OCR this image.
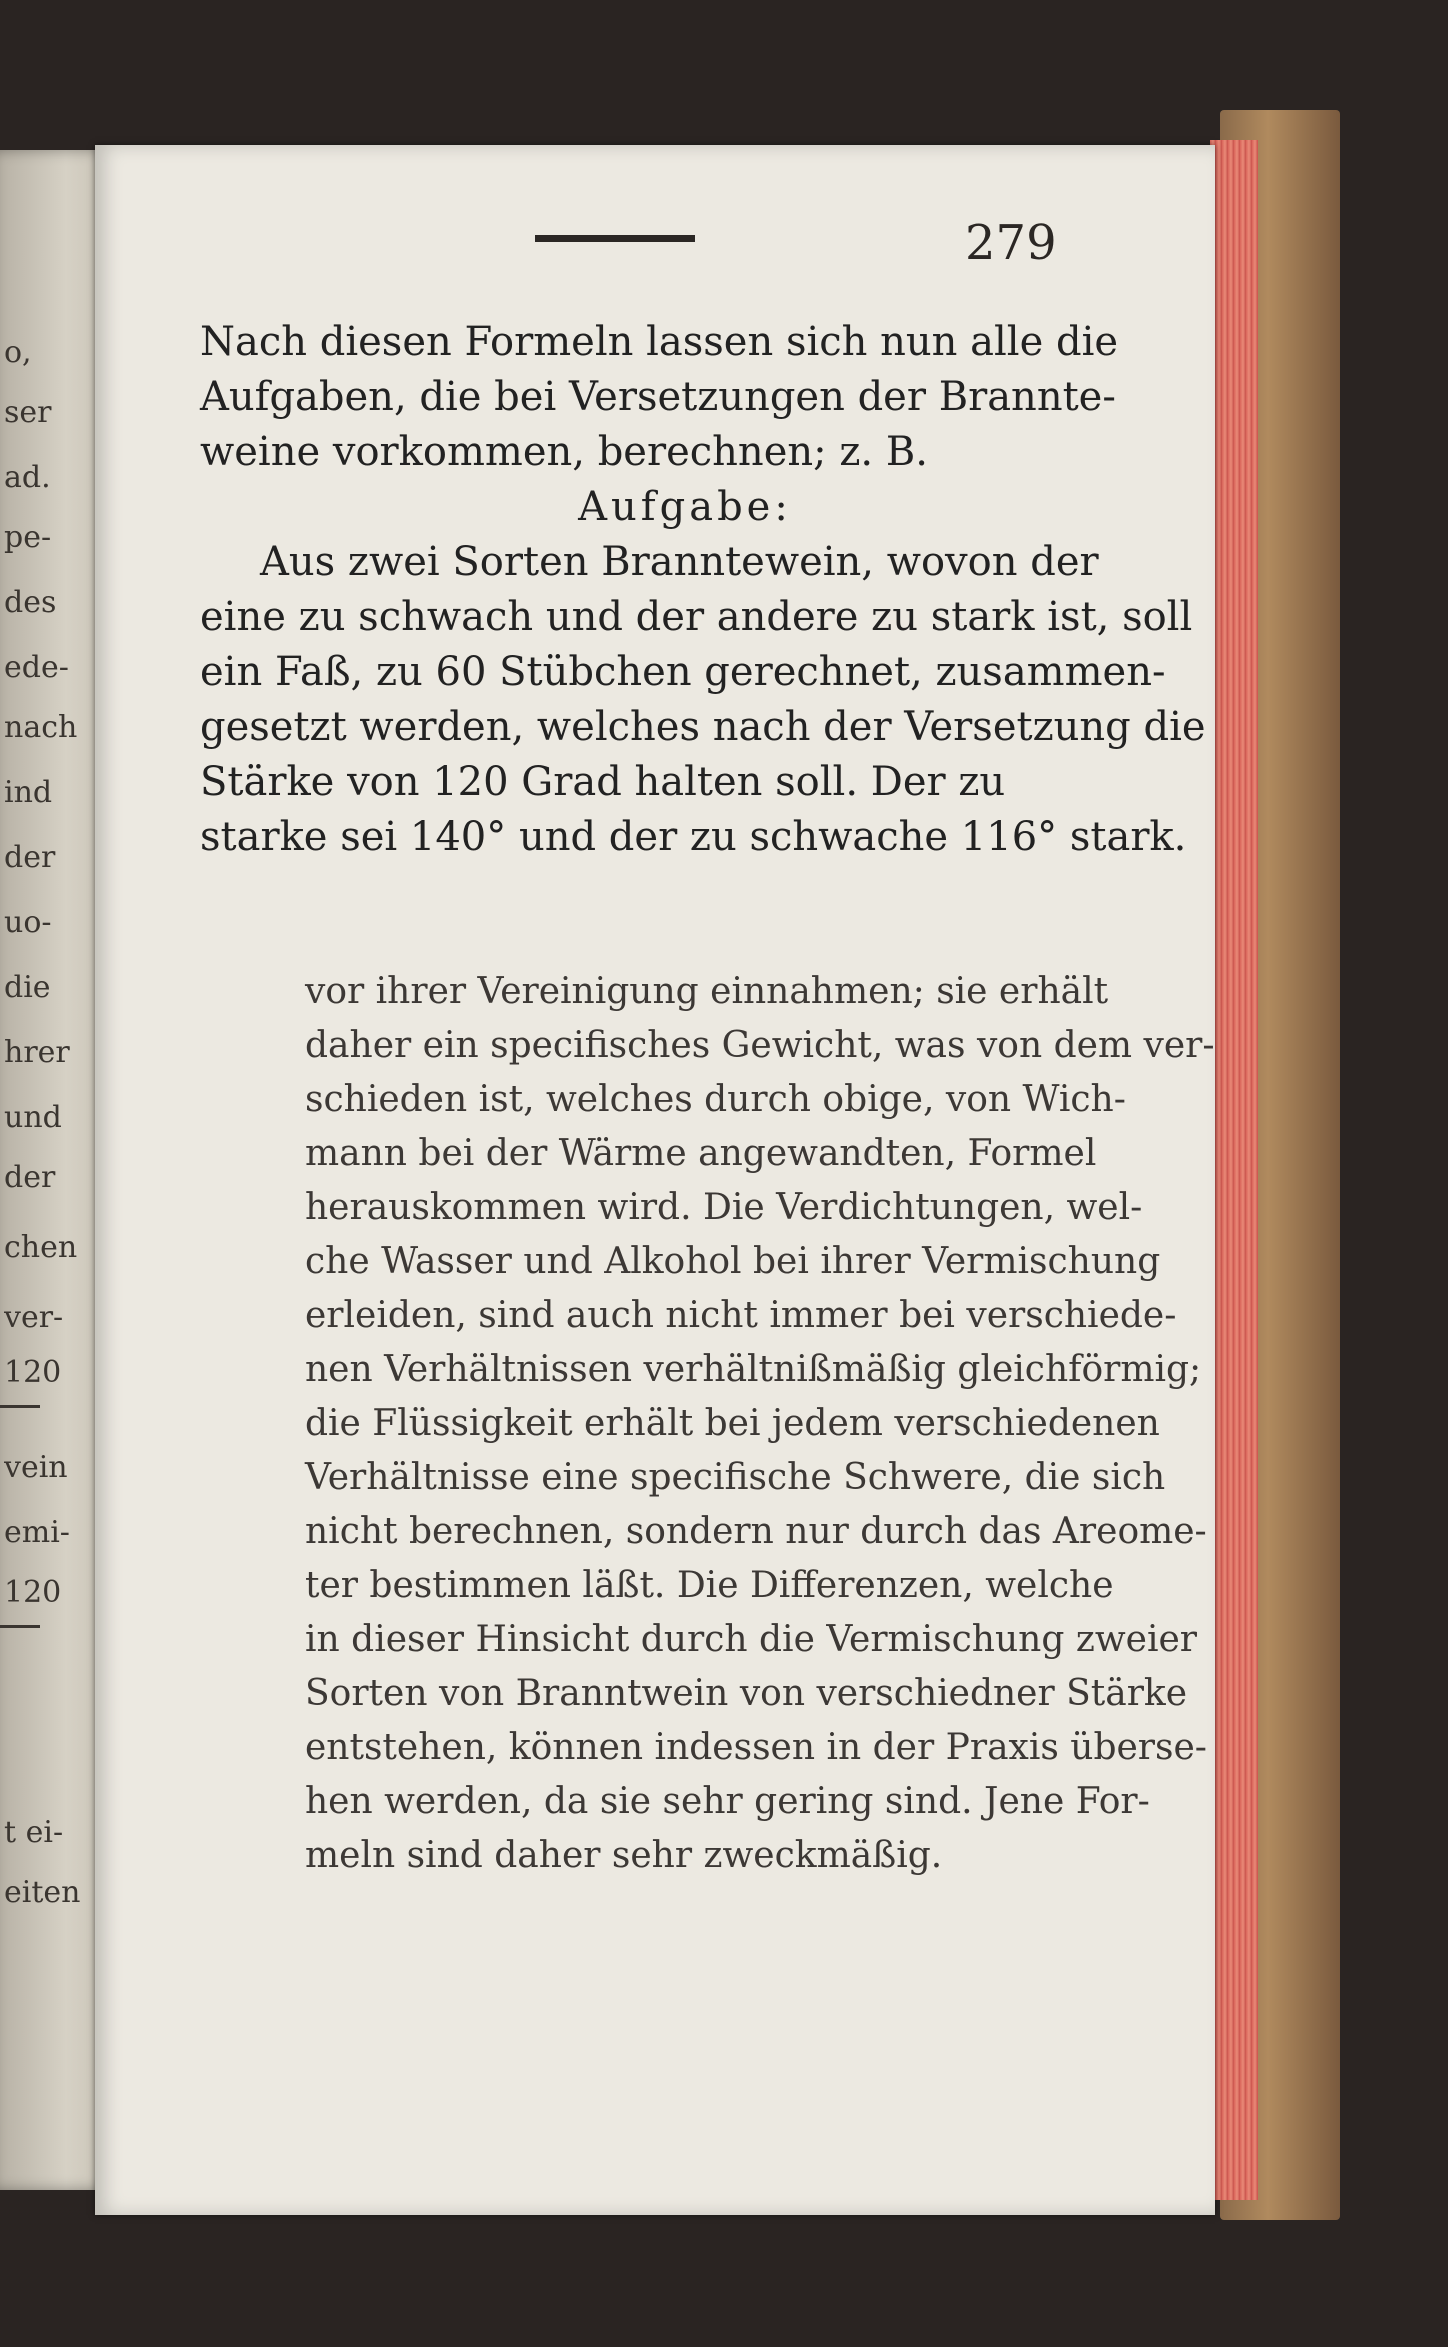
o,
ser
ad.
pe-
des
ede-
nach
ind
der
uo-
die
hrer
und
der
chen
ver-
120
vein
emi-
120
t ei-
eiten
279
Nach diesen Formeln lassen sich nun alle die
Aufgaben, die bei Versetzungen der Brannte-
weine vorkommen, berechnen; z. B.
Aufgabe:
Aus zwei Sorten Branntewein, wovon der
eine zu schwach und der andere zu stark ist, soll
ein Faß, zu 60 Stübchen gerechnet, zusammen-
gesetzt werden, welches nach der Versetzung die
Stärke von 120 Grad halten soll. Der zu
starke sei 140° und der zu schwache 116° stark.
vor ihrer Vereinigung einnahmen; sie erhält
daher ein specifisches Gewicht, was von dem ver-
schieden ist, welches durch obige, von Wich-
mann bei der Wärme angewandten, Formel
herauskommen wird. Die Verdichtungen, wel-
che Wasser und Alkohol bei ihrer Vermischung
erleiden, sind auch nicht immer bei verschiede-
nen Verhältnissen verhältnißmäßig gleichförmig;
die Flüssigkeit erhält bei jedem verschiedenen
Verhältnisse eine specifische Schwere, die sich
nicht berechnen, sondern nur durch das Areome-
ter bestimmen läßt. Die Differenzen, welche
in dieser Hinsicht durch die Vermischung zweier
Sorten von Branntwein von verschiedner Stärke
entstehen, können indessen in der Praxis überse-
hen werden, da sie sehr gering sind. Jene For-
meln sind daher sehr zweckmäßig.
